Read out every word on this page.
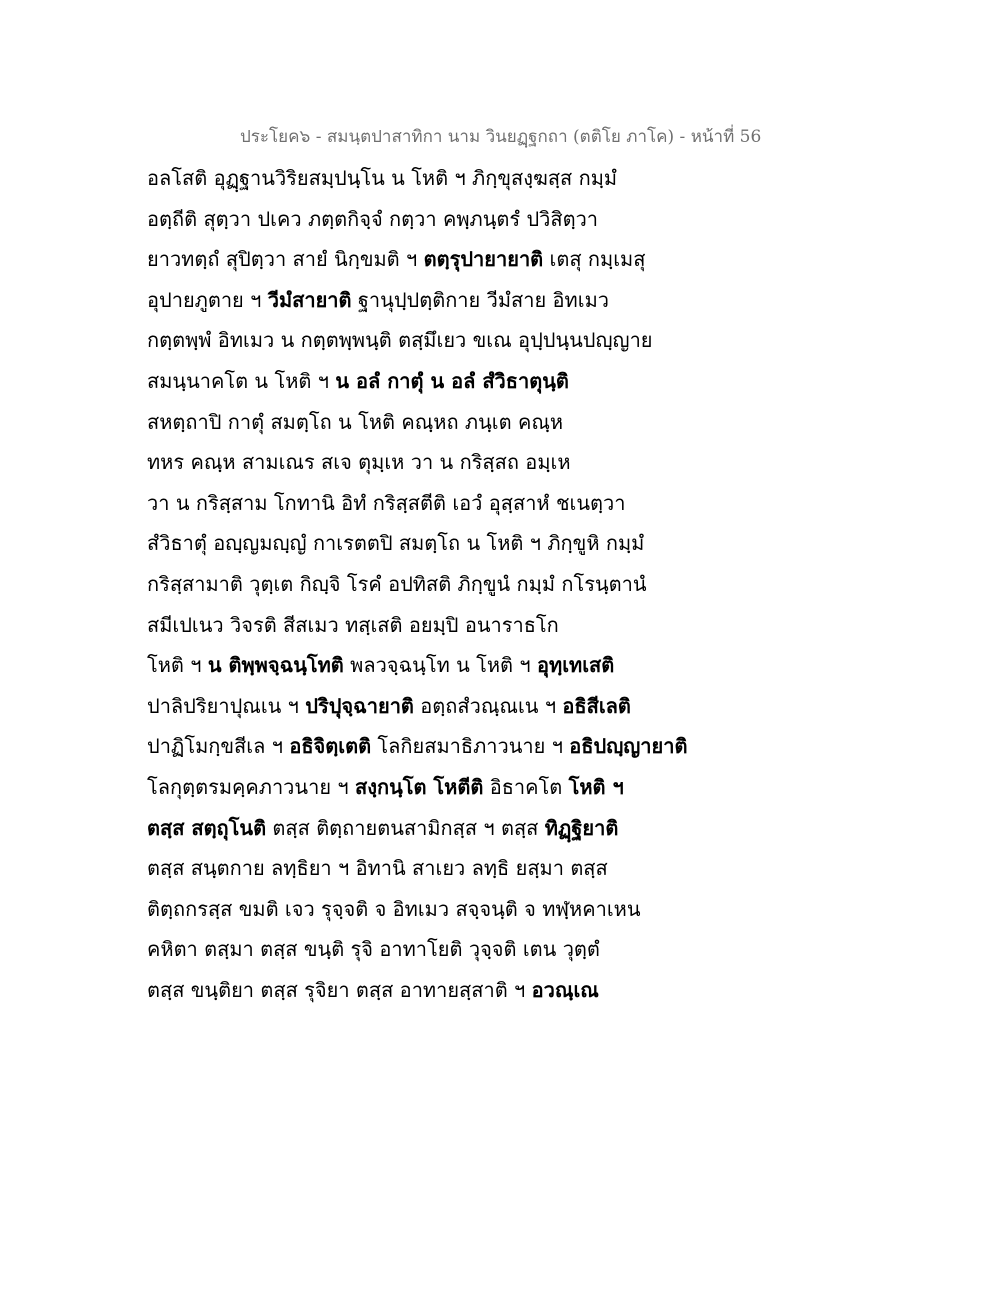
ประโยค๖ - สมนฺตปาสาทิกา นาม วินยฏฺฐกถา (ตติโย ภาโค) - หน้าที่ 56
อลโสติ อุฏฺฐานวิริยสมฺปนฺโน น โหติ ฯ ภิกฺขุสงฺฆสฺส กมฺมํ
อตฺถีติ สุตฺวา ปเคว ภตฺตกิจฺจํ กตฺวา คพฺภนฺตรํ ปวิสิตฺวา
ยาวทตฺถํ สุปิตฺวา สายํ นิกฺขมติ ฯ ตตฺรุปายายาติ เตสุ กมฺเมสุ
อุปายภูตาย ฯ วีมํสายาติ ฐานุปฺปตฺติกาย วีมํสาย อิทเมว
กตฺตพฺพํ อิทเมว น กตฺตพฺพนฺติ ตสฺมึเยว ขเณ อุปฺปนฺนปญฺญาย
สมนฺนาคโต น โหติ ฯ น อลํ กาตุํ น อลํ สํวิธาตุนฺติ
สหตฺถาปิ กาตุํ สมตฺโถ น โหติ คณฺหถ ภนฺเต คณฺห
ทหร คณฺห สามเณร สเจ ตุมฺเห วา น กริสฺสถ อมฺเห
วา น กริสฺสาม โกทานิ อิทํ กริสฺสตีติ เอวํ อุสฺสาหํ ชเนตฺวา
สํวิธาตุํ อญฺญมญฺญํ กาเรตตปิ สมตฺโถ น โหติ ฯ ภิกฺขูหิ กมฺมํ
กริสฺสามาติ วุตฺเต กิญฺจิ โรคํ อปทิสติ ภิกฺขูนํ กมฺมํ กโรนฺตานํ
สมีเปเนว วิจรติ สีสเมว ทสฺเสติ อยมฺปิ อนาราธโก
โหติ ฯ น ติพฺพจฺฉนฺโทติ พลวจฺฉนฺโท น โหติ ฯ อุทฺเทเสติ
ปาลิปริยาปุณเน ฯ ปริปุจฺฉายาติ อตฺถสํวณฺณเน ฯ อธิสีเลติ
ปาฏิโมกฺขสีเล ฯ อธิจิตฺเตติ โลกิยสมาธิภาวนาย ฯ อธิปญฺญายาติ
โลกุตฺตรมคฺคภาวนาย ฯ สงฺกนฺโต โหตีติ อิธาคโต โหติ ฯ
ตสฺส สตฺถุโนติ ตสฺส ติตฺถายตนสามิกสฺส ฯ ตสฺส ทิฏฺฐิยาติ
ตสฺส สนฺตกาย ลทฺธิยา ฯ อิทานิ สาเยว ลทฺธิ ยสฺมา ตสฺส
ติตฺถกรสฺส ขมติ เจว รุจฺจติ จ อิทเมว สจฺจนฺติ จ ทฬฺหคาเหน
คหิตา ตสฺมา ตสฺส ขนฺติ รุจิ อาทาโยติ วุจฺจติ เตน วุตฺตํ
ตสฺส ขนฺติยา ตสฺส รุจิยา ตสฺส อาทายสฺสาติ ฯ อวณฺเณ
